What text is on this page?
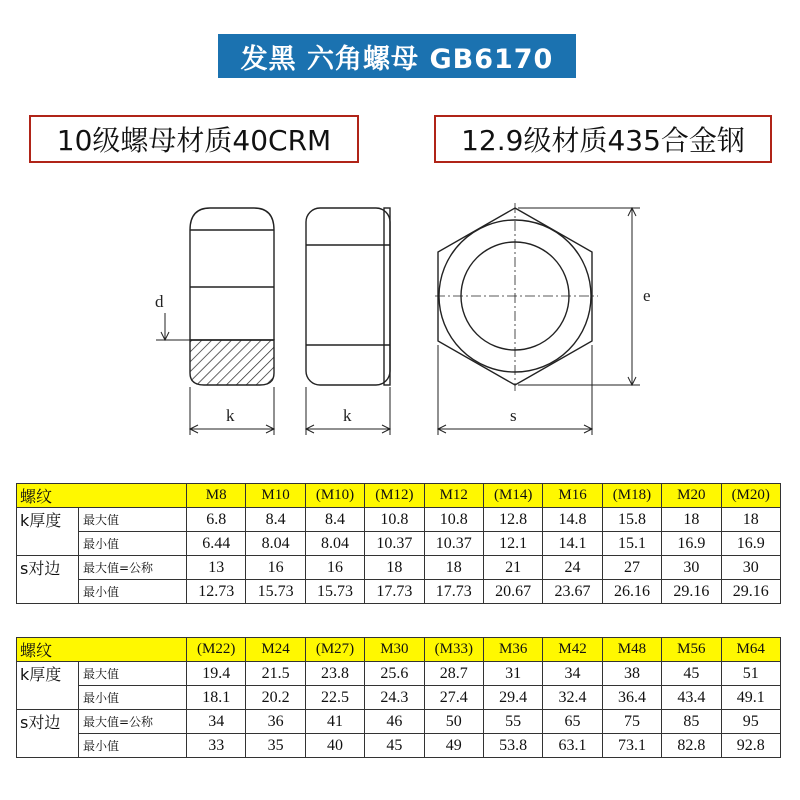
发黑 六角螺母 GB6170
10级螺母材质40CRM	12.9级材质435合金钢
d
k	k	s
e
螺纹		M8	M10	(M10)	(M12)	M12	(M14)	M16	(M18)	M20	(M20)
k厚度	最大值	6.8	8.4	8.4	10.8	10.8	12.8	14.8	15.8	18	18
	最小值	6.44	8.04	8.04	10.37	10.37	12.1	14.1	15.1	16.9	16.9
s对边	最大值=公称	13	16	16	18	18	21	24	27	30	30
	最小值	12.73	15.73	15.73	17.73	17.73	20.67	23.67	26.16	29.16	29.16
螺纹		(M22)	M24	(M27)	M30	(M33)	M36	M42	M48	M56	M64
k厚度	最大值	19.4	21.5	23.8	25.6	28.7	31	34	38	45	51
	最小值	18.1	20.2	22.5	24.3	27.4	29.4	32.4	36.4	43.4	49.1
s对边	最大值=公称	34	36	41	46	50	55	65	75	85	95
	最小值	33	35	40	45	49	53.8	63.1	73.1	82.8	92.8
